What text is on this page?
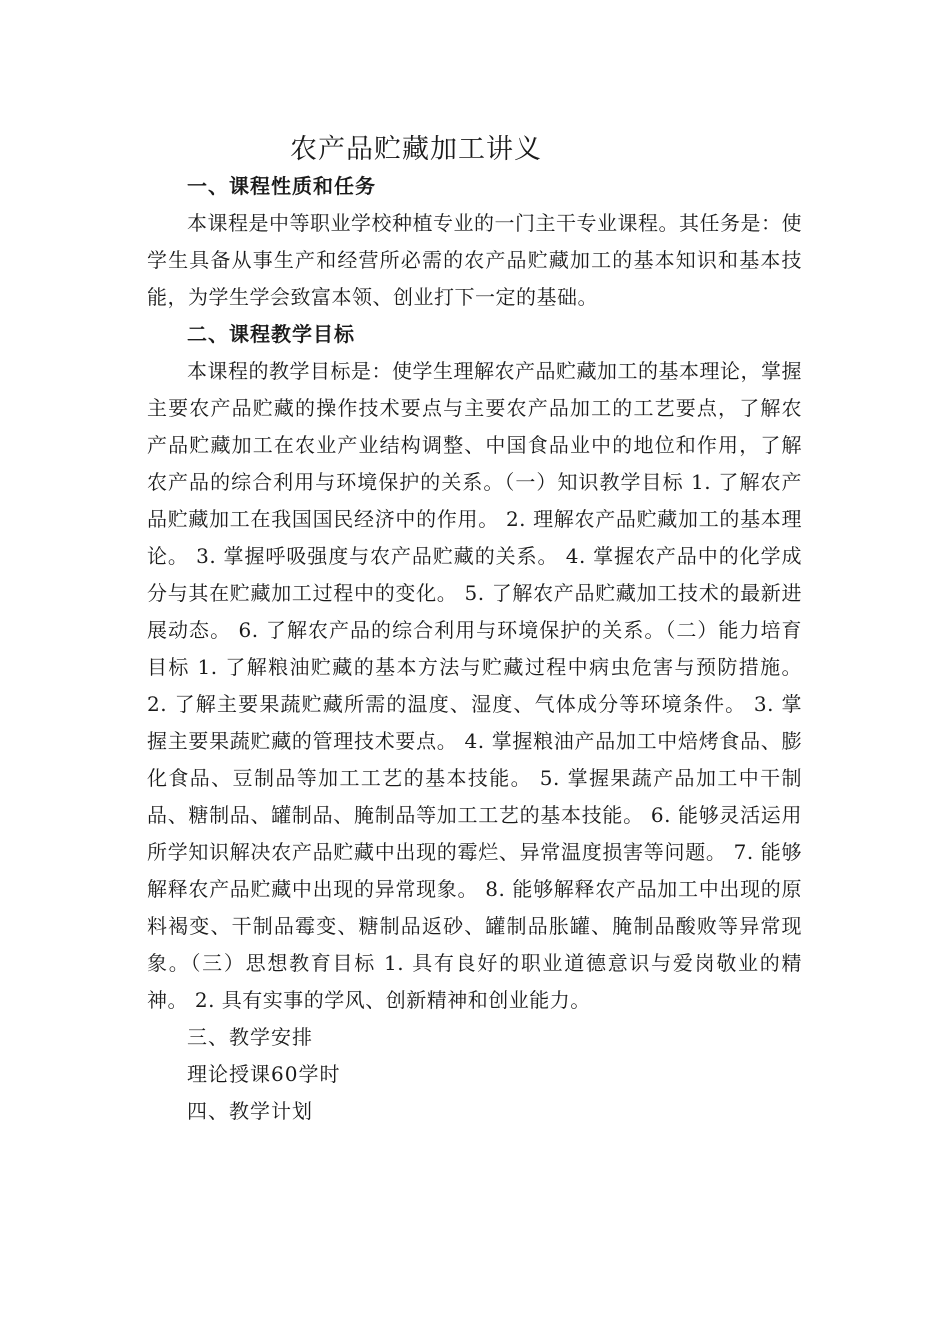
农产品贮藏加工讲义
一、课程性质和任务

本课程是中等职业学校种植专业的一门主干专业课程。其任务是：使学生具备从事生产和经营所必需的农产品贮藏加工的基本知识和基本技能，为学生学会致富本领、创业打下一定的基础。

二、课程教学目标

本课程的教学目标是：使学生理解农产品贮藏加工的基本理论，掌握主要农产品贮藏的操作技术要点与主要农产品加工的工艺要点，了解农产品贮藏加工在农业产业结构调整、中国食品业中的地位和作用，了解农产品的综合利用与环境保护的关系。（一）知识教学目标 1. 了解农产品贮藏加工在我国国民经济中的作用。 2. 理解农产品贮藏加工的基本理论。 3. 掌握呼吸强度与农产品贮藏的关系。 4. 掌握农产品中的化学成分与其在贮藏加工过程中的变化。 5. 了解农产品贮藏加工技术的最新进展动态。 6. 了解农产品的综合利用与环境保护的关系。（二）能力培育目标 1. 了解粮油贮藏的基本方法与贮藏过程中病虫危害与预防措施。 2. 了解主要果蔬贮藏所需的温度、湿度、气体成分等环境条件。 3. 掌握主要果蔬贮藏的管理技术要点。 4. 掌握粮油产品加工中焙烤食品、膨化食品、豆制品等加工工艺的基本技能。 5. 掌握果蔬产品加工中干制品、糖制品、罐制品、腌制品等加工工艺的基本技能。 6. 能够灵活运用所学知识解决农产品贮藏中出现的霉烂、异常温度损害等问题。 7. 能够解释农产品贮藏中出现的异常现象。 8. 能够解释农产品加工中出现的原料褐变、干制品霉变、糖制品返砂、罐制品胀罐、腌制品酸败等异常现象。（三）思想教育目标 1. 具有良好的职业道德意识与爱岗敬业的精神。 2. 具有实事的学风、创新精神和创业能力。

三、教学安排
理论授课60学时
四、教学计划
